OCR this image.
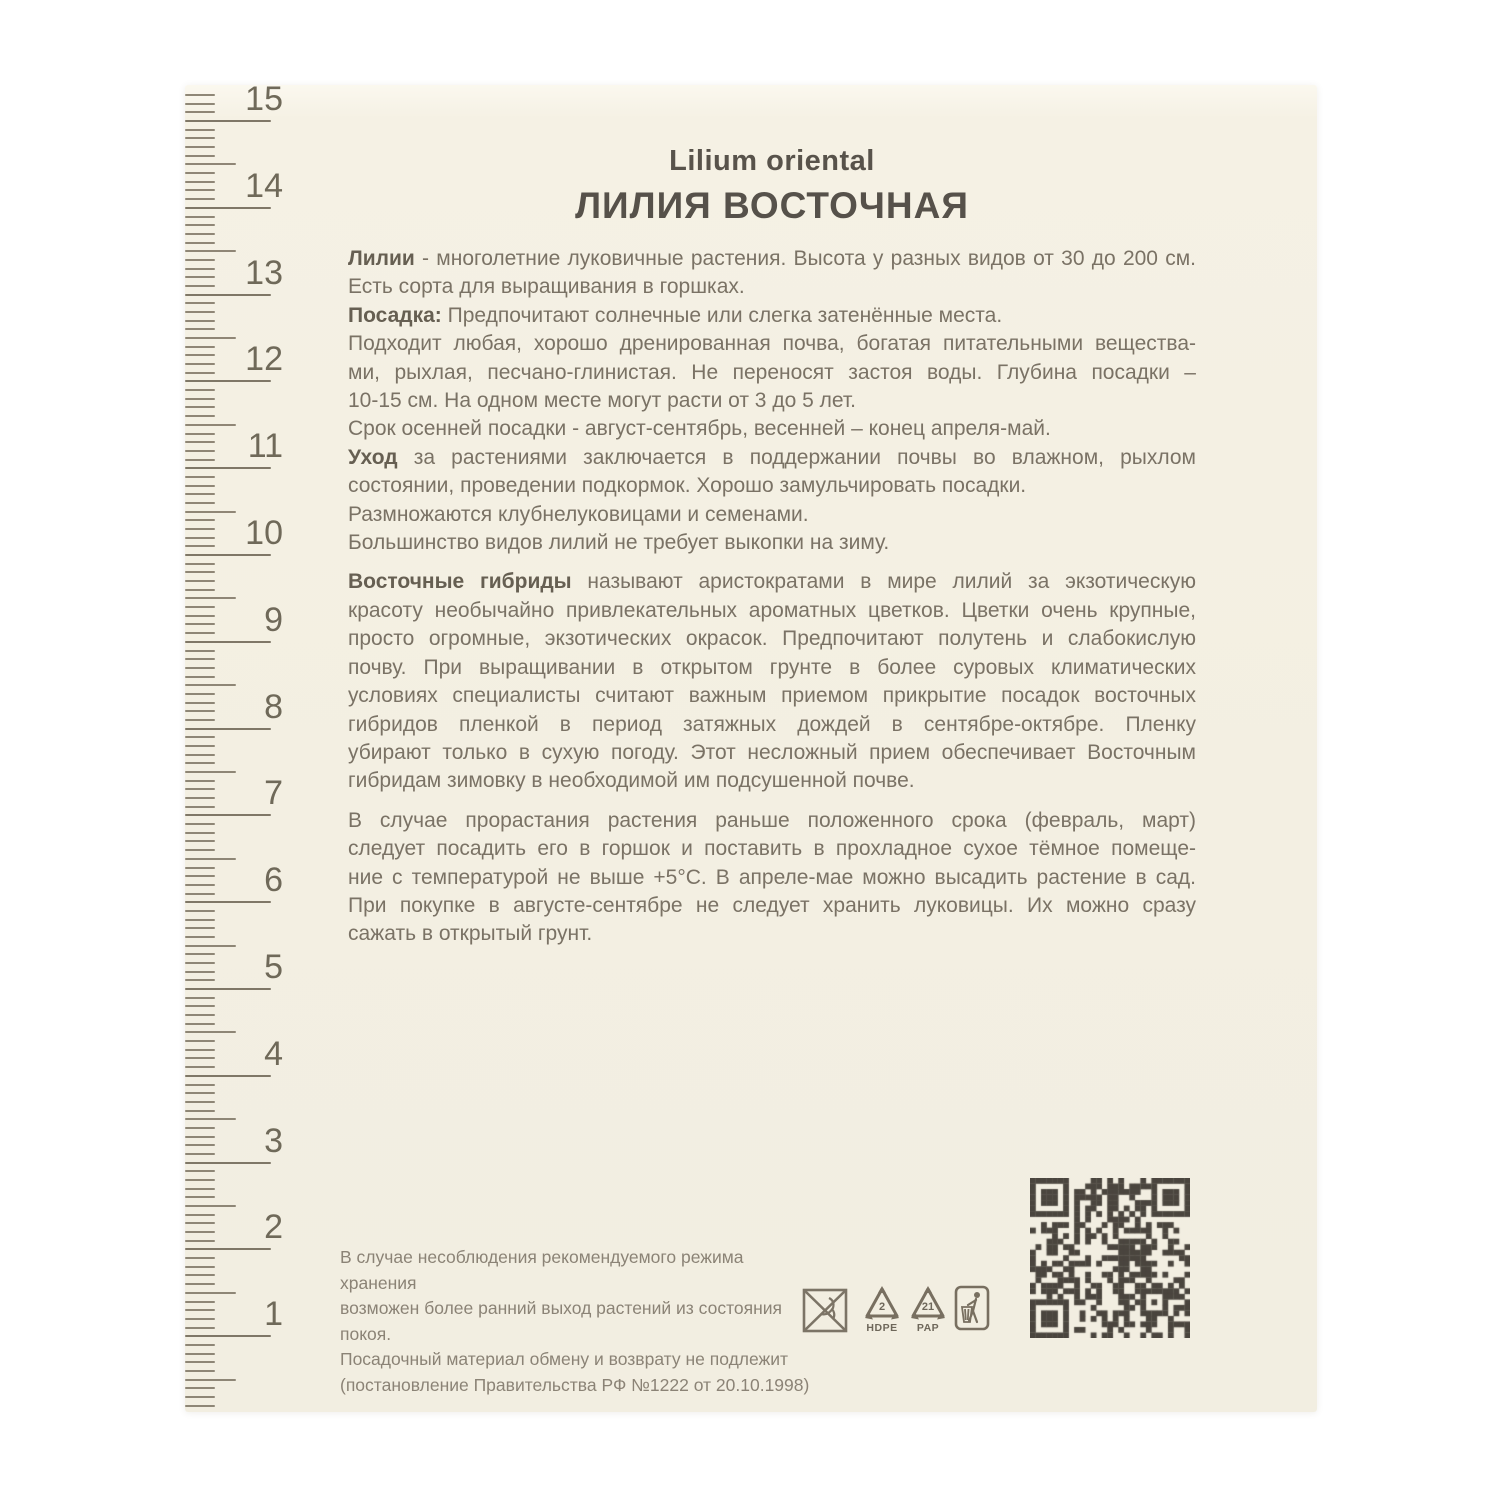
15
14
13
12
11
10
9
8
7
6
5
4
3
2
1
Lilium oriental
ЛИЛИЯ ВОСТОЧНАЯ
Лилии - многолетние луковичные растения. Высота у разных видов от 30 до 200 см.
Есть сорта для выращивания в горшках.
Посадка: Предпочитают солнечные или слегка затенённые места.
Подходит любая, хорошо дренированная почва, богатая питательными вещества-
ми, рыхлая, песчано-глинистая. Не переносят застоя воды. Глубина посадки –
10-15 см. На одном месте могут расти от 3 до 5 лет.
Срок осенней посадки - август-сентябрь, весенней – конец апреля-май.
Уход за растениями заключается в поддержании почвы во влажном, рыхлом
состоянии, проведении подкормок. Хорошо замульчировать посадки.
Размножаются клубнелуковицами и семенами.
Большинство видов лилий не требует выкопки на зиму.
Восточные гибриды называют аристократами в мире лилий за экзотическую
красоту необычайно привлекательных ароматных цветков. Цветки очень крупные,
просто огромные, экзотических окрасок. Предпочитают полутень и слабокислую
почву. При выращивании в открытом грунте в более суровых климатических
условиях специалисты считают важным приемом прикрытие посадок восточных
гибридов пленкой в период затяжных дождей в сентябре-октябре. Пленку
убирают только в сухую погоду. Этот несложный прием обеспечивает Восточным
гибридам зимовку в необходимой им подсушенной почве.
В случае прорастания растения раньше положенного срока (февраль, март)
следует посадить его в горшок и поставить в прохладное сухое тёмное помеще-
ние с температурой не выше +5°С. В апреле-мае можно высадить растение в сад.
При покупке в августе-сентябре не следует хранить луковицы. Их можно сразу
сажать в открытый грунт.
В случае несоблюдения рекомендуемого режима хранения
возможен более ранний выход растений из состояния покоя.
Посадочный материал обмену и возврату не подлежит
(постановление Правительства РФ №1222 от 20.10.1998)
2
HDPE
21
PAP
